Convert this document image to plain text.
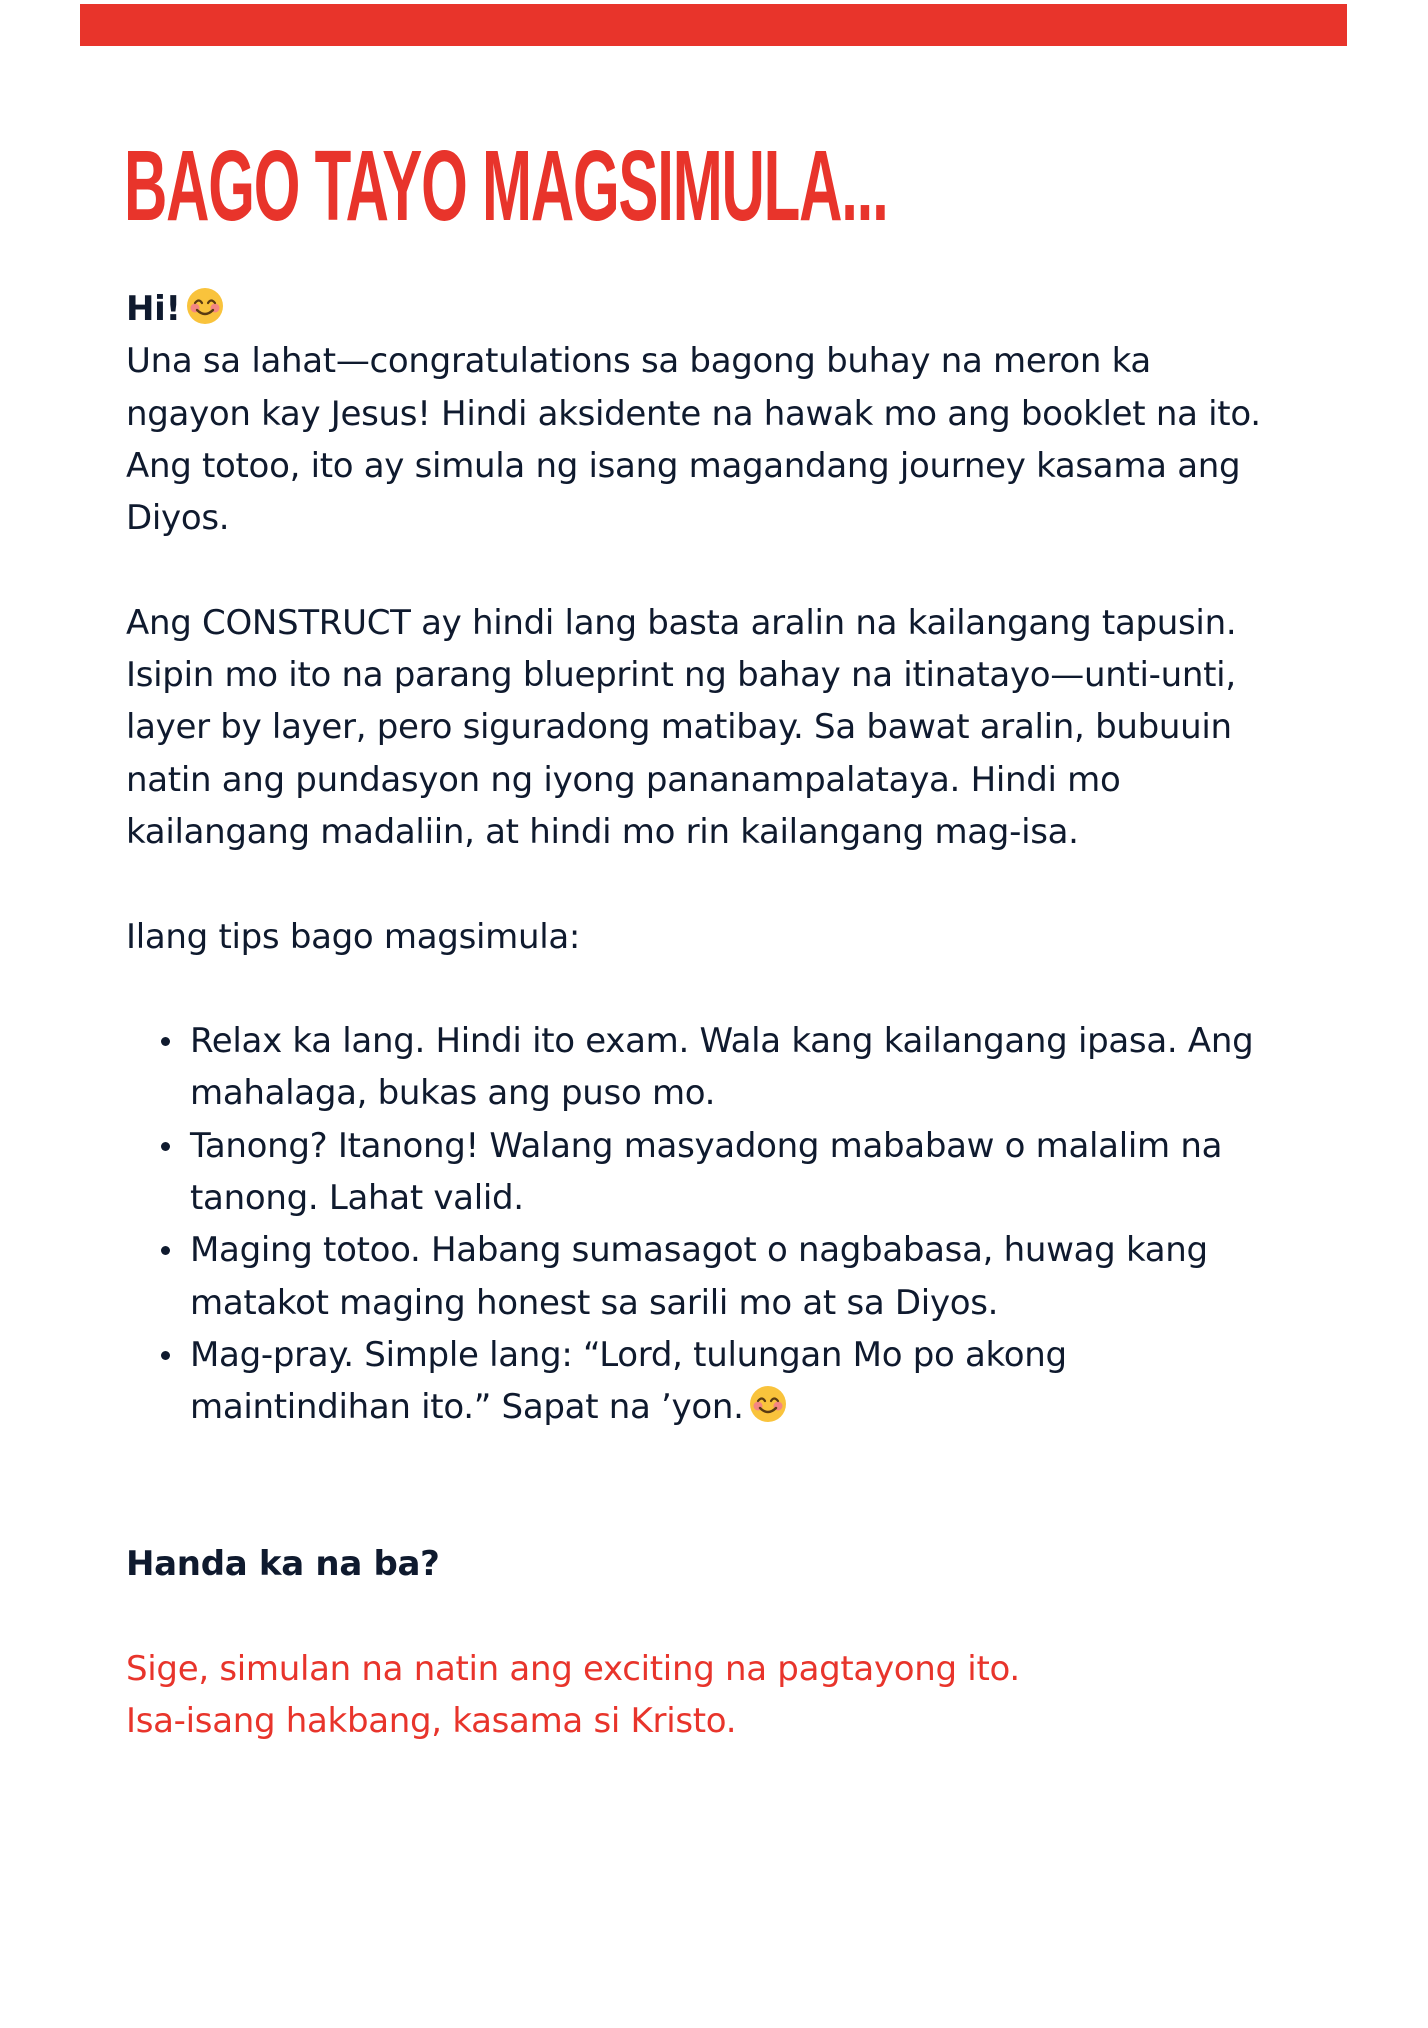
BAGO TAYO MAGSIMULA...

Hi!

Una sa lahat—congratulations sa bagong buhay na meron ka ngayon kay Jesus! Hindi aksidente na hawak mo ang booklet na ito. Ang totoo, ito ay simula ng isang magandang journey kasama ang Diyos.

Ang CONSTRUCT ay hindi lang basta aralin na kailangang tapusin. Isipin mo ito na parang blueprint ng bahay na itinatayo—unti-unti, layer by layer, pero siguradong matibay. Sa bawat aralin, bubuuin natin ang pundasyon ng iyong pananampalataya. Hindi mo kailangang madaliin, at hindi mo rin kailangang mag-isa.

Ilang tips bago magsimula:

Relax ka lang. Hindi ito exam. Wala kang kailangang ipasa. Ang mahalaga, bukas ang puso mo.
Tanong? Itanong! Walang masyadong mababaw o malalim na tanong. Lahat valid.
Maging totoo. Habang sumasagot o nagbabasa, huwag kang matakot maging honest sa sarili mo at sa Diyos.
Mag-pray. Simple lang: “Lord, tulungan Mo po akong maintindihan ito.” Sapat na ’yon.

Handa ka na ba?

Sige, simulan na natin ang exciting na pagtayong ito.

Isa-isang hakbang, kasama si Kristo.
